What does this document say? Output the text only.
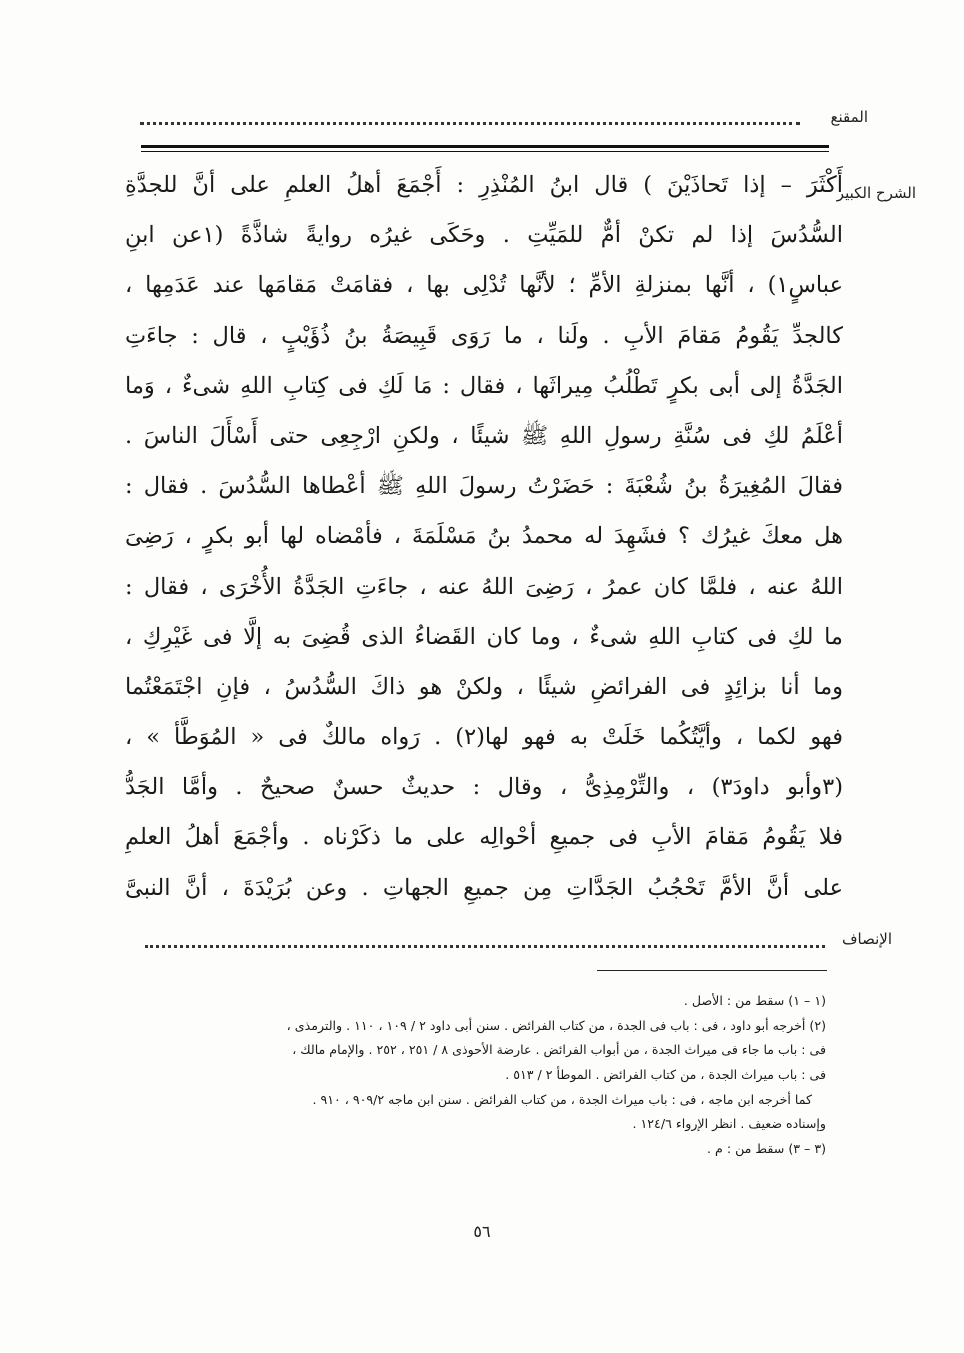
المقنع
الشرح الكبير
أَكْثَرَ – إذا تَحاذَيْنَ ) قال ابنُ المُنْذِرِ : أَجْمَعَ أهلُ العلمِ على أنَّ للجدَّةِ
السُّدُسَ إذا لم تكنْ أمٌّ للمَيِّتِ . وحَكَى غيرُه روايةً شاذَّةً (١عن ابنِ
عباسٍ١) ، أنَّها بمنزلةِ الأمِّ ؛ لأنَّها تُدْلِى بها ، فقامَتْ مَقامَها عند عَدَمِها ،
كالجدِّ يَقُومُ مَقامَ الأبِ . ولَنا ، ما رَوَى قَبِيصَةُ بنُ ذُؤَيْبٍ ، قال : جاءَتِ
الجَدَّةُ إلى أبى بكرٍ تَطْلُبُ مِيراثَها ، فقال : مَا لَكِ فى كِتابِ اللهِ شىءٌ ، وَما
أعْلَمُ لكِ فى سُنَّةِ رسولِ اللهِ ﷺ شيئًا ، ولكنِ ارْجِعِى حتى أَسْأَلَ الناسَ .
فقالَ المُغِيرَةُ بنُ شُعْبَةَ : حَضَرْتُ رسولَ اللهِ ﷺ أعْطاها السُّدُسَ . فقال :
هل معكَ غيرُك ؟ فشَهِدَ له محمدُ بنُ مَسْلَمَةَ ، فأمْضاه لها أبو بكرٍ ، رَضِىَ
اللهُ عنه ، فلمَّا كان عمرُ ، رَضِىَ اللهُ عنه ، جاءَتِ الجَدَّةُ الأُخْرَى ، فقال :
ما لكِ فى كتابِ اللهِ شىءٌ ، وما كان القَضاءُ الذى قُضِىَ به إلَّا فى غَيْرِكِ ،
وما أنا بزائِدٍ فى الفرائضِ شيئًا ، ولكنْ هو ذاكَ السُّدُسُ ، فإنِ اجْتَمَعْتُما
فهو لكما ، وأيَّتُكُما خَلَتْ به فهو لها(٢) . رَواه مالكٌ فى « المُوَطَّأ » ،
(٣وأبو داودَ٣) ، والتِّرْمِذِىُّ ، وقال : حديثٌ حسنٌ صحيحٌ . وأمَّا الجَدُّ
فلا يَقُومُ مَقامَ الأبِ فى جميعِ أحْوالِه على ما ذكَرْناه . وأجْمَعَ أهلُ العلمِ
على أنَّ الأمَّ تَحْجُبُ الجَدَّاتِ مِن جميعِ الجهاتِ . وعن بُرَيْدَةَ ، أنَّ النبىَّ
الإنصاف
(١ – ١) سقط من : الأصل .
(٢) أخرجه أبو داود ، فى : باب فى الجدة ، من كتاب الفرائض . سنن أبى داود ٢ / ١٠٩ ، ١١٠ . والترمذى ،
فى : باب ما جاء فى ميراث الجدة ، من أبواب الفرائض . عارضة الأحوذى ٨ / ٢٥١ ، ٢٥٢ . والإمام مالك ،
فى : باب ميراث الجدة ، من كتاب الفرائض . الموطأ ٢ / ٥١٣ .
كما أخرجه ابن ماجه ، فى : باب ميراث الجدة ، من كتاب الفرائض . سنن ابن ماجه ٩٠٩/٢ ، ٩١٠ .
وإسناده ضعيف . انظر الإرواء ١٢٤/٦ .
(٣ – ٣) سقط من : م .
٥٦
